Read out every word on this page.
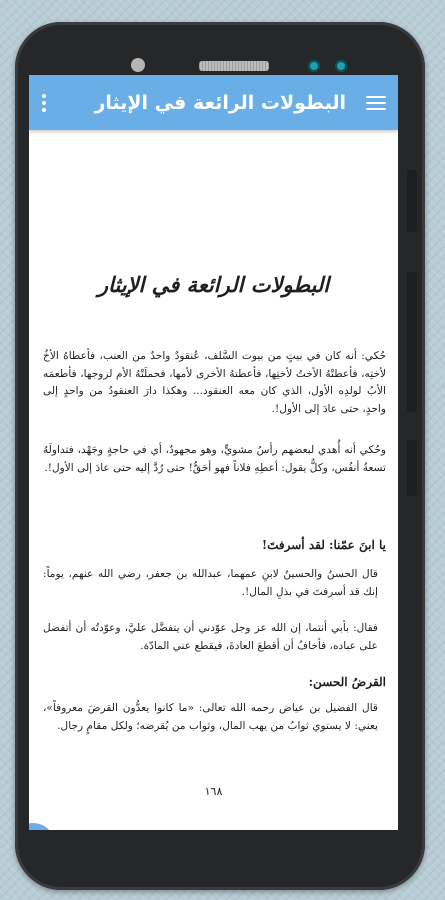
البطولات الرائعة في الإيثار
البطولات الرائعة في الإيثار
حُكي: أنه كان في بيتٍ من بيوت السَّلف، عُنقودٌ واحدٌ من العنب، فأعطاهُ الأخُ لأختِه، فأعطتْهُ الأختُ لأختِها، فأعطتهُ الأخرى لأمها، فحملَتْهُ الأم لزوجها، فأطعمَه الأبُ لولدِه الأول، الذي كان معه العنقود... وهكذا دارَ العنقودُ من واحدٍ إلى واحدٍ، حتى عادَ إلى الأول!.
وحُكي أنه أُهدي لبعضهم رأسُ مشويٍّ، وهو مجهودٌ، أي في حاجةٍ وجَهْد، فتداولَهُ تسعةُ أنفُس، وكلٌّ يقول: أعطِهِ فلاناً فهو أحَقُّ! حتى رُدَّ إليه حتى عادَ إلى الأول!.
يا ابنَ عمّنا: لقد أسرفتَ!
قال الحسنُ والحسينُ لابنِ عمهما، عبدالله بن جعفر، رضي الله عنهم، يوماً: إنك قد أسرفتَ في بذلِ المال!.
فقال: بأبي أنتما، إن الله عز وجل عوّدني أن يتفضَّل عليَّ، وعوّدتُه أن أتفضل على عباده، فأخافُ أن أقطعَ العادةَ، فيقطع عني المادّة.
القرضُ الحسن:
قال الفضيل بن عياض رحمه الله تعالى: «ما كانوا يعدُّون القرضَ معروفاً»، يعني: لا يستوي ثوابُ من يهب المال، وثواب من يُقرضه؛ ولكل مقامٍ رجال.
١٦٨
